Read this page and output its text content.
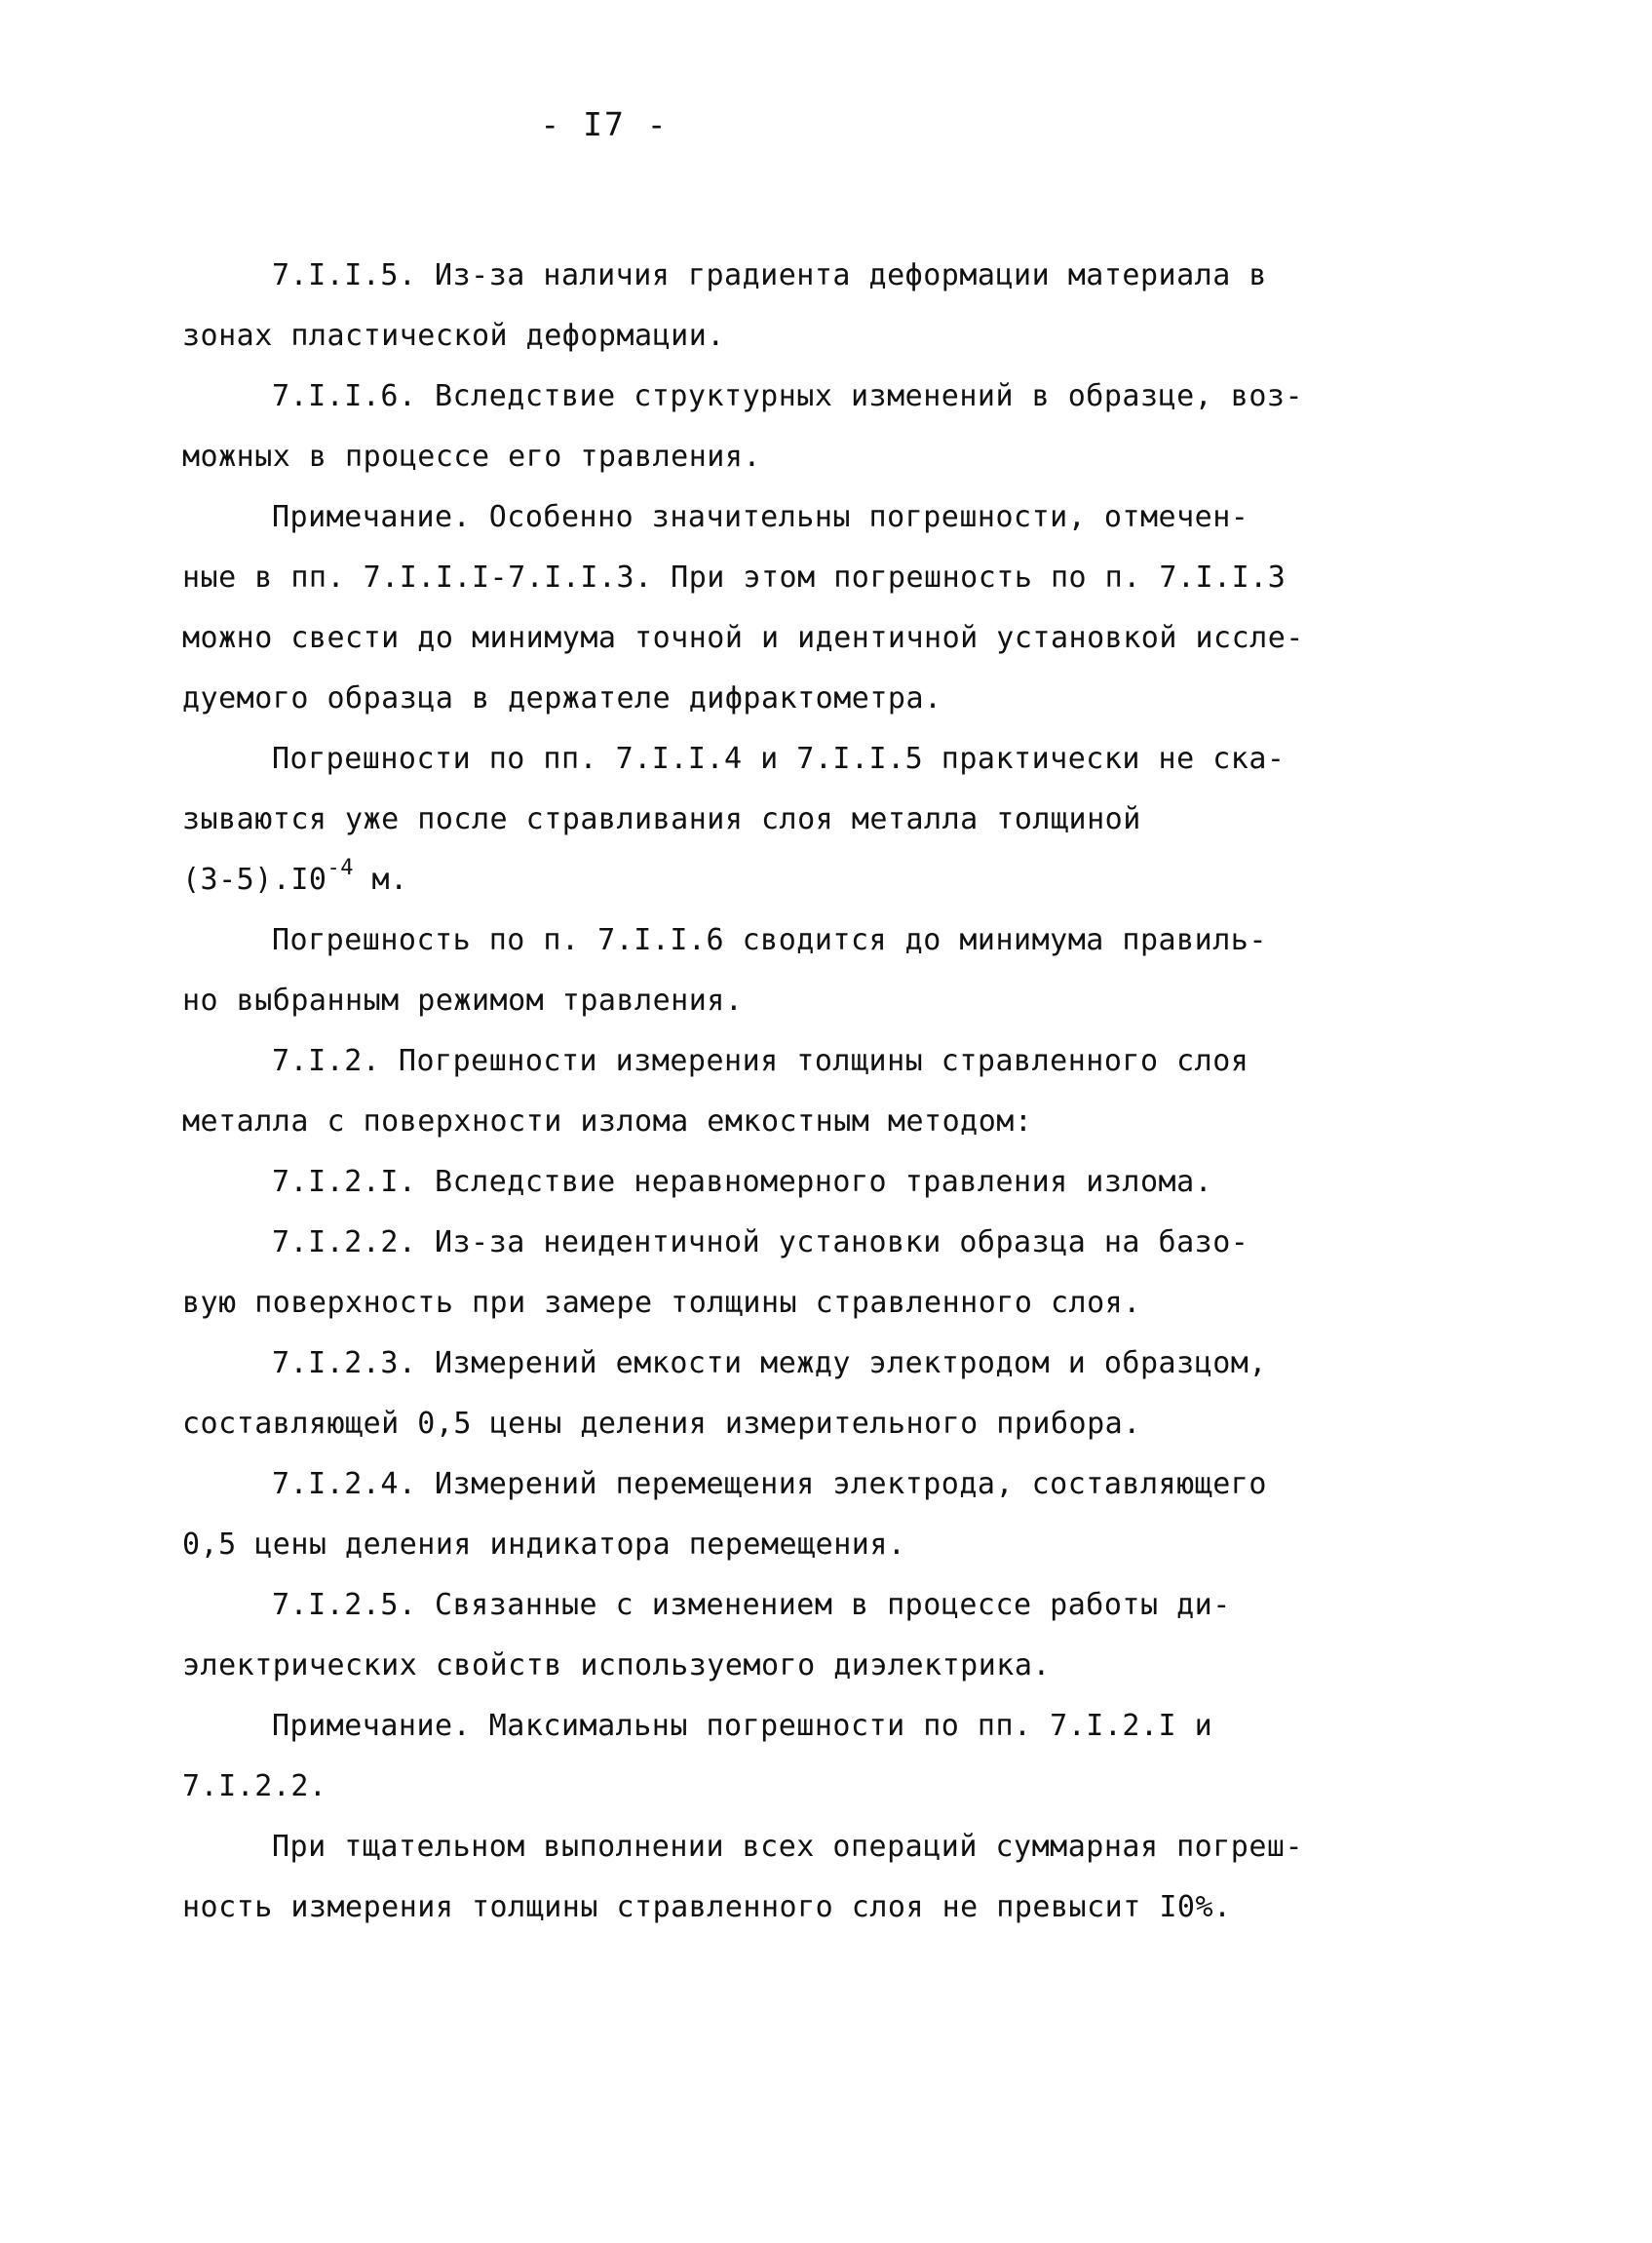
- I7 -
7.I.I.5. Из-за наличия градиента деформации материала в
зонах пластической деформации.
7.I.I.6. Вследствие структурных изменений в образце, воз-
можных в процессе его травления.
Примечание. Особенно значительны погрешности, отмечен-
ные в пп. 7.I.I.I-7.I.I.3. При этом погрешность по п. 7.I.I.3
можно свести до минимума точной и идентичной установкой иссле-
дуемого образца в держателе дифрактометра.
Погрешности по пп. 7.I.I.4 и 7.I.I.5 практически не ска-
зываются уже после стравливания слоя металла толщиной
$(3-5).I0^{-4}$ м.
Погрешность по п. 7.I.I.6 сводится до минимума правиль-
но выбранным режимом травления.
7.I.2. Погрешности измерения толщины стравленного слоя
металла с поверхности излома емкостным методом:
7.I.2.I. Вследствие неравномерного травления излома.
7.I.2.2. Из-за неидентичной установки образца на базо-
вую поверхность при замере толщины стравленного слоя.
7.I.2.3. Измерений емкости между электродом и образцом,
составляющей 0,5 цены деления измерительного прибора.
7.I.2.4. Измерений перемещения электрода, составляющего
0,5 цены деления индикатора перемещения.
7.I.2.5. Связанные с изменением в процессе работы ди-
электрических свойств используемого диэлектрика.
Примечание. Максимальны погрешности по пп. 7.I.2.I и
7.I.2.2.
При тщательном выполнении всех операций суммарная погреш-
ность измерения толщины стравленного слоя не превысит I0%.
